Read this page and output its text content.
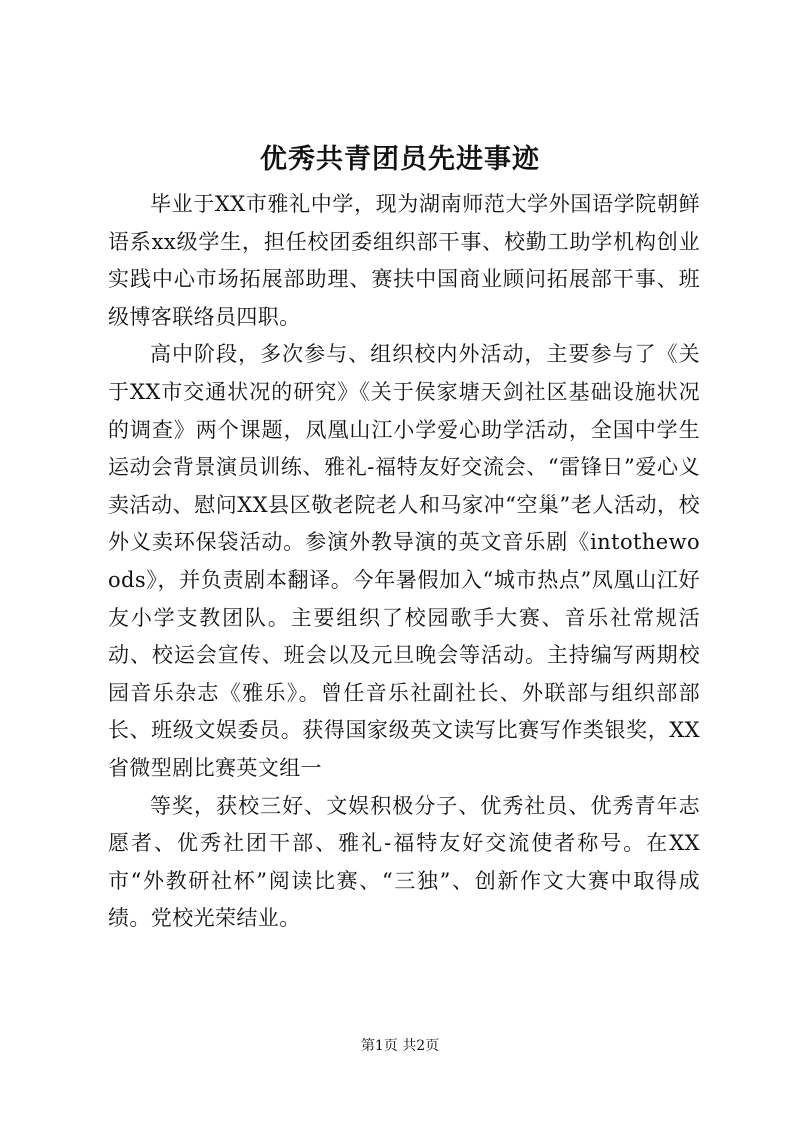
优秀共青团员先进事迹

毕业于XX市雅礼中学，现为湖南师范大学外国语学院朝鲜语系xx级学生，担任校团委组织部干事、校勤工助学机构创业实践中心市场拓展部助理、赛扶中国商业顾问拓展部干事、班级博客联络员四职。

高中阶段，多次参与、组织校内外活动，主要参与了《关于XX市交通状况的研究》《关于侯家塘天剑社区基础设施状况的调查》两个课题，凤凰山江小学爱心助学活动，全国中学生运动会背景演员训练、雅礼-福特友好交流会、“雷锋日”爱心义卖活动、慰问XX县区敬老院老人和马家冲“空巢”老人活动，校外义卖环保袋活动。参演外教导演的英文音乐剧《intothewoods》，并负责剧本翻译。今年暑假加入“城市热点”凤凰山江好友小学支教团队。主要组织了校园歌手大赛、音乐社常规活动、校运会宣传、班会以及元旦晚会等活动。主持编写两期校园音乐杂志《雅乐》。曾任音乐社副社长、外联部与组织部部长、班级文娱委员。获得国家级英文读写比赛写作类银奖，XX省微型剧比赛英文组一

等奖，获校三好、文娱积极分子、优秀社员、优秀青年志愿者、优秀社团干部、雅礼-福特友好交流使者称号。在XX市“外教研社杯”阅读比赛、“三独”、创新作文大赛中取得成绩。党校光荣结业。

第1页 共2页
